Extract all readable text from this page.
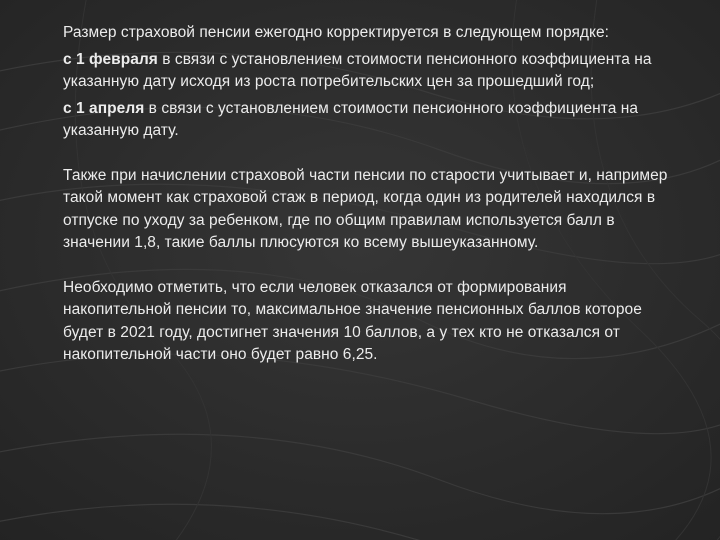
Размер страховой пенсии ежегодно корректируется в следующем порядке:

с 1 февраля в связи с установлением стоимости пенсионного коэффициента на указанную дату исходя из роста потребительских цен за прошедший год;

с 1 апреля в связи с установлением стоимости пенсионного коэффициента на указанную дату.

Также при начислении страховой части пенсии по старости учитывает и, например такой момент как страховой стаж в период, когда один из родителей находился в отпуске по уходу за ребенком, где по общим правилам используется балл в значении 1,8, такие баллы плюсуются ко всему вышеуказанному.

Необходимо отметить, что если человек отказался от формирования накопительной пенсии то, максимальное значение пенсионных баллов которое будет в 2021 году, достигнет значения 10 баллов, а у тех кто не отказался от накопительной части оно будет равно 6,25.
